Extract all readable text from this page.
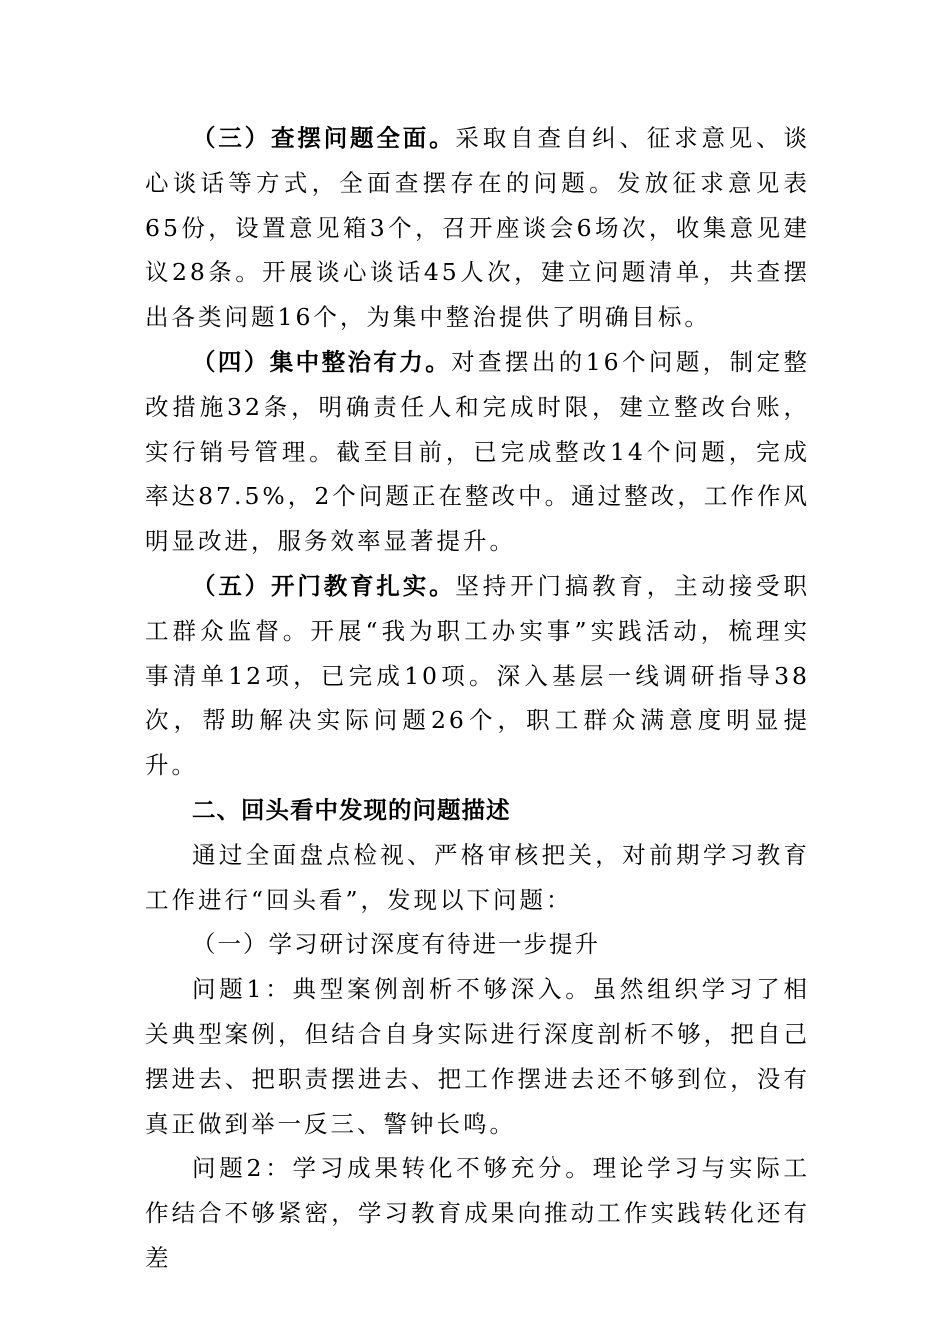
（三）查摆问题全面。采取自查自纠、征求意见、谈心谈话等方式，全面查摆存在的问题。发放征求意见表65份，设置意见箱3个，召开座谈会6场次，收集意见建议28条。开展谈心谈话45人次，建立问题清单，共查摆出各类问题16个，为集中整治提供了明确目标。

（四）集中整治有力。对查摆出的16个问题，制定整改措施32条，明确责任人和完成时限，建立整改台账，实行销号管理。截至目前，已完成整改14个问题，完成率达87.5%，2个问题正在整改中。通过整改，工作作风明显改进，服务效率显著提升。

（五）开门教育扎实。坚持开门搞教育，主动接受职工群众监督。开展“我为职工办实事”实践活动，梳理实事清单12项，已完成10项。深入基层一线调研指导38次，帮助解决实际问题26个，职工群众满意度明显提升。

二、回头看中发现的问题描述

通过全面盘点检视、严格审核把关，对前期学习教育工作进行“回头看”，发现以下问题：

（一）学习研讨深度有待进一步提升

问题1：典型案例剖析不够深入。虽然组织学习了相关典型案例，但结合自身实际进行深度剖析不够，把自己摆进去、把职责摆进去、把工作摆进去还不够到位，没有真正做到举一反三、警钟长鸣。

问题2：学习成果转化不够充分。理论学习与实际工作结合不够紧密，学习教育成果向推动工作实践转化还有差
